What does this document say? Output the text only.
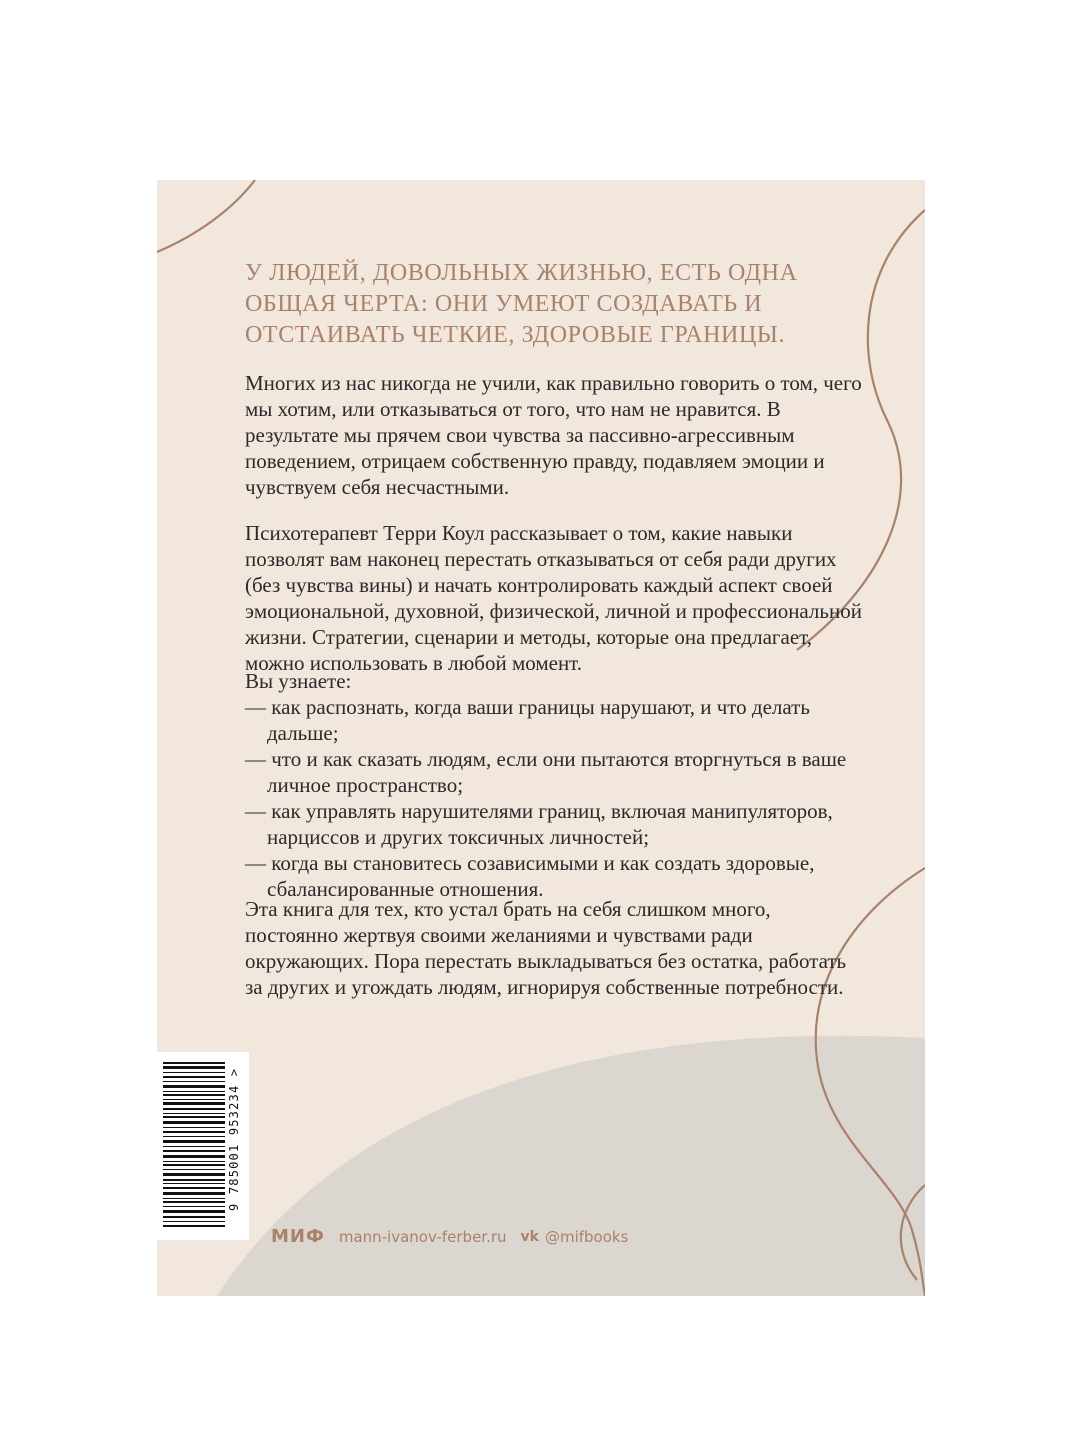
У ЛЮДЕЙ, ДОВОЛЬНЫХ ЖИЗНЬЮ, ЕСТЬ ОДНА ОБЩАЯ ЧЕРТА: ОНИ УМЕЮТ СОЗДАВАТЬ И ОТСТАИВАТЬ ЧЕТКИЕ, ЗДОРОВЫЕ ГРАНИЦЫ.

Многих из нас никогда не учили, как правильно говорить о том, чего мы хотим, или отказываться от того, что нам не нравится. В результате мы прячем свои чувства за пассивно-агрессивным поведением, отрицаем собственную правду, подавляем эмоции и чувствуем себя несчастными.

Психотерапевт Терри Коул рассказывает о том, какие навыки позволят вам наконец перестать отказываться от себя ради других (без чувства вины) и начать контролировать каждый аспект своей эмоциональной, духовной, физической, личной и профессиональной жизни. Стратегии, сценарии и методы, которые она предлагает, можно использовать в любой момент.

Вы узнаете:
— как распознать, когда ваши границы нарушают, и что делать дальше;
— что и как сказать людям, если они пытаются вторгнуться в ваше личное пространство;
— как управлять нарушителями границ, включая манипуляторов, нарциссов и других токсичных личностей;
— когда вы становитесь созависимыми и как создать здоровые, сбалансированные отношения.

Эта книга для тех, кто устал брать на себя слишком много, постоянно жертвуя своими желаниями и чувствами ради окружающих. Пора перестать выкладываться без остатка, работать за других и угождать людям, игнорируя собственные потребности.

9 785001 953234 >
МИФ mann-ivanov-ferber.ru vk @mifbooks
